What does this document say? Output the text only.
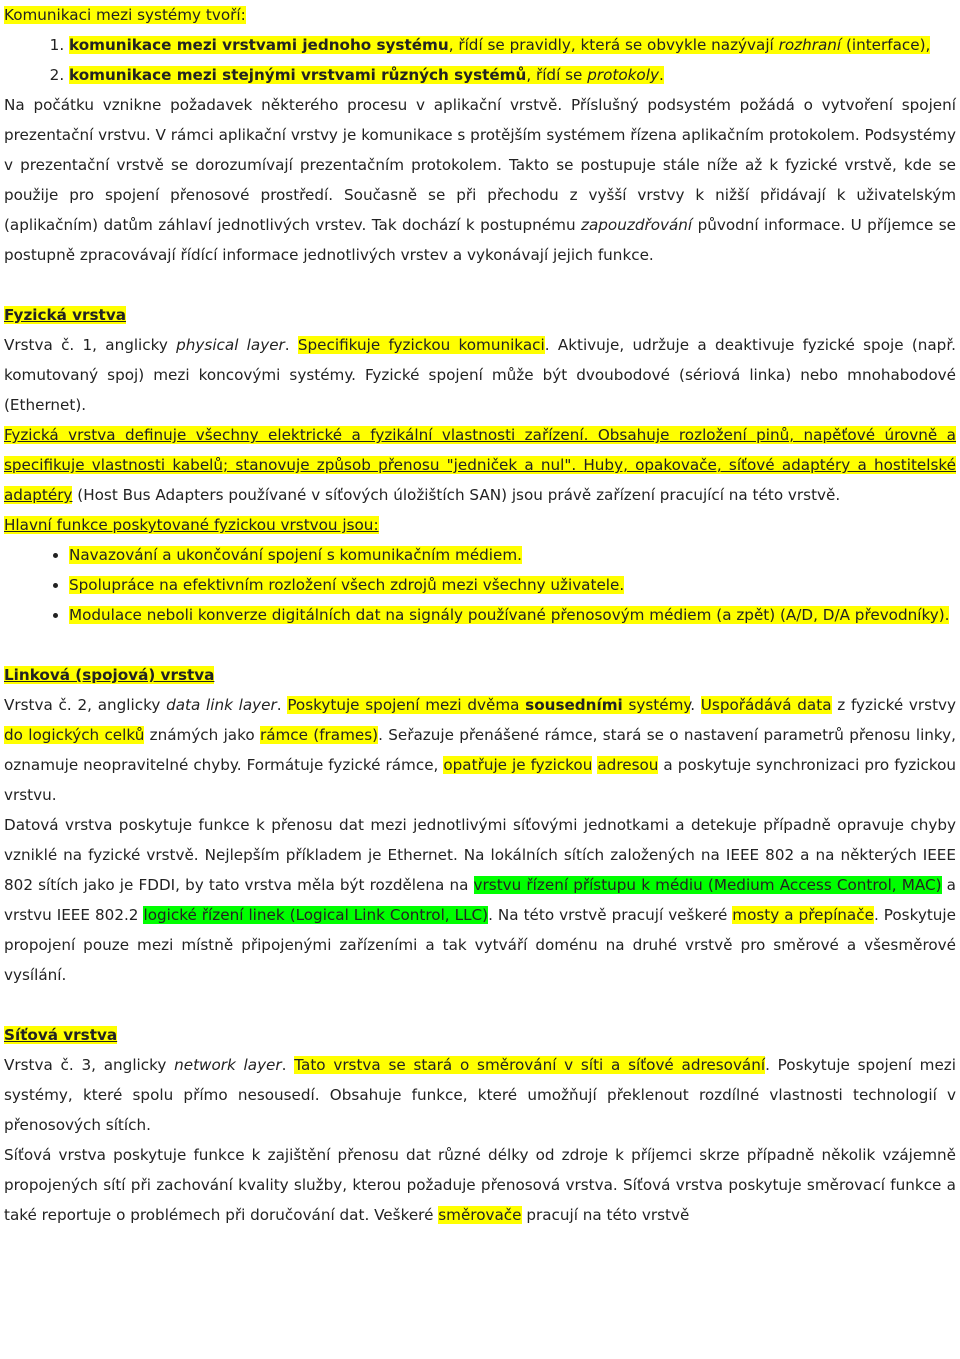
Komunikaci mezi systémy tvoří:

1. komunikace mezi vrstvami jednoho systému, řídí se pravidly, která se obvykle nazývají rozhraní (interface),
2. komunikace mezi stejnými vrstvami různých systémů, řídí se protokoly.

Na počátku vznikne požadavek některého procesu v aplikační vrstvě. Příslušný podsystém požádá o vytvoření spojení prezentační vrstvu. V rámci aplikační vrstvy je komunikace s protějším systémem řízena aplikačním protokolem. Podsystémy v prezentační vrstvě se dorozumívají prezentačním protokolem. Takto se postupuje stále níže až k fyzické vrstvě, kde se použije pro spojení přenosové prostředí. Současně se při přechodu z vyšší vrstvy k nižší přidávají k uživatelským (aplikačním) datům záhlaví jednotlivých vrstev. Tak dochází k postupnému zapouzdřování původní informace. U příjemce se postupně zpracovávají řídící informace jednotlivých vrstev a vykonávají jejich funkce.

Fyzická vrstva

Vrstva č. 1, anglicky physical layer. Specifikuje fyzickou komunikaci. Aktivuje, udržuje a deaktivuje fyzické spoje (např. komutovaný spoj) mezi koncovými systémy. Fyzické spojení může být dvoubodové (sériová linka) nebo mnohabodové (Ethernet).

Fyzická vrstva definuje všechny elektrické a fyzikální vlastnosti zařízení. Obsahuje rozložení pinů, napěťové úrovně a specifikuje vlastnosti kabelů; stanovuje způsob přenosu "jedniček a nul". Huby, opakovače, síťové adaptéry a hostitelské adaptéry (Host Bus Adapters používané v síťových úložištích SAN) jsou právě zařízení pracující na této vrstvě.

Hlavní funkce poskytované fyzickou vrstvou jsou:

• Navazování a ukončování spojení s komunikačním médiem.
• Spolupráce na efektivním rozložení všech zdrojů mezi všechny uživatele.
• Modulace neboli konverze digitálních dat na signály používané přenosovým médiem (a zpět) (A/D, D/A převodníky).
Linková (spojová) vrstva

Vrstva č. 2, anglicky data link layer. Poskytuje spojení mezi dvěma sousedními systémy. Uspořádává data z fyzické vrstvy do logických celků známých jako rámce (frames). Seřazuje přenášené rámce, stará se o nastavení parametrů přenosu linky, oznamuje neopravitelné chyby. Formátuje fyzické rámce, opatřuje je fyzickou adresou a poskytuje synchronizaci pro fyzickou vrstvu.

Datová vrstva poskytuje funkce k přenosu dat mezi jednotlivými síťovými jednotkami a detekuje případně opravuje chyby vzniklé na fyzické vrstvě. Nejlepším příkladem je Ethernet. Na lokálních sítích založených na IEEE 802 a na některých IEEE 802 sítích jako je FDDI, by tato vrstva měla být rozdělena na vrstvu řízení přístupu k médiu (Medium Access Control, MAC) a vrstvu IEEE 802.2 logické řízení linek (Logical Link Control, LLC). Na této vrstvě pracují veškeré mosty a přepínače. Poskytuje propojení pouze mezi místně připojenými zařízeními a tak vytváří doménu na druhé vrstvě pro směrové a všesměrové vysílání.

Síťová vrstva

Vrstva č. 3, anglicky network layer. Tato vrstva se stará o směrování v síti a síťové adresování. Poskytuje spojení mezi systémy, které spolu přímo nesousedí. Obsahuje funkce, které umožňují překlenout rozdílné vlastnosti technologií v přenosových sítích.

Síťová vrstva poskytuje funkce k zajištění přenosu dat různé délky od zdroje k příjemci skrze případně několik vzájemně propojených sítí při zachování kvality služby, kterou požaduje přenosová vrstva. Síťová vrstva poskytuje směrovací funkce a také reportuje o problémech při doručování dat. Veškeré směrovače pracují na této vrstvě
